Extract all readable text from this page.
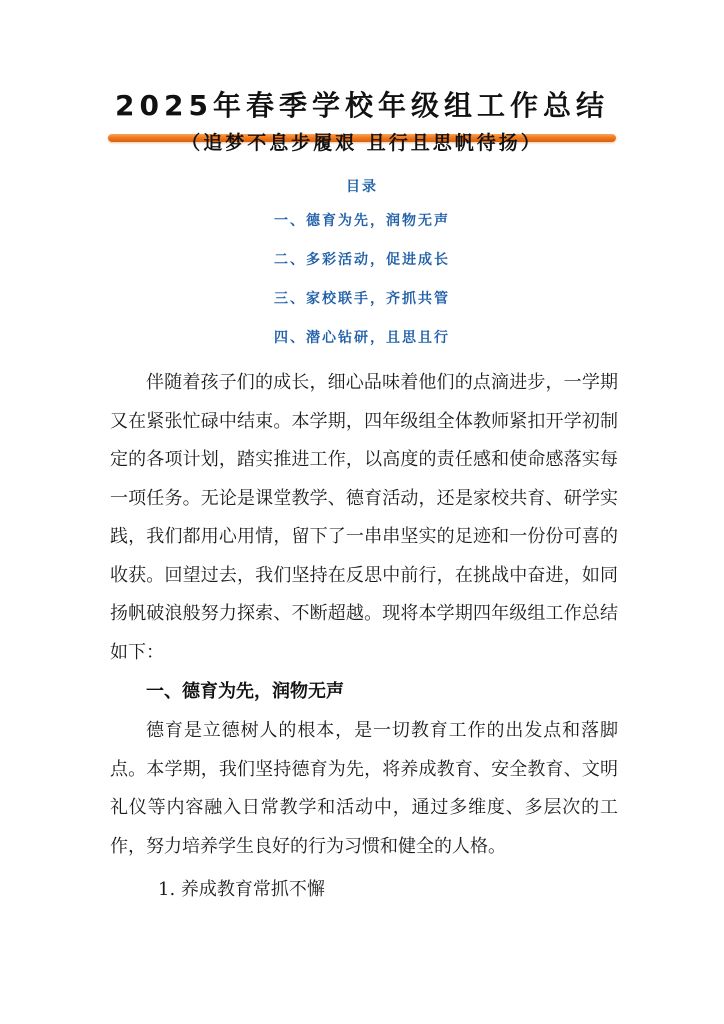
2025年春季学校年级组工作总结
（追梦不息步履艰 且行且思帆待扬）
目录
一、德育为先，润物无声
二、多彩活动，促进成长
三、家校联手，齐抓共管
四、潜心钻研，且思且行

伴随着孩子们的成长，细心品味着他们的点滴进步，一学期又在紧张忙碌中结束。本学期，四年级组全体教师紧扣开学初制定的各项计划，踏实推进工作，以高度的责任感和使命感落实每一项任务。无论是课堂教学、德育活动，还是家校共育、研学实践，我们都用心用情，留下了一串串坚实的足迹和一份份可喜的收获。回望过去，我们坚持在反思中前行，在挑战中奋进，如同扬帆破浪般努力探索、不断超越。现将本学期四年级组工作总结如下：

一、德育为先，润物无声

德育是立德树人的根本，是一切教育工作的出发点和落脚点。本学期，我们坚持德育为先，将养成教育、安全教育、文明礼仪等内容融入日常教学和活动中，通过多维度、多层次的工作，努力培养学生良好的行为习惯和健全的人格。

1. 养成教育常抓不懈
